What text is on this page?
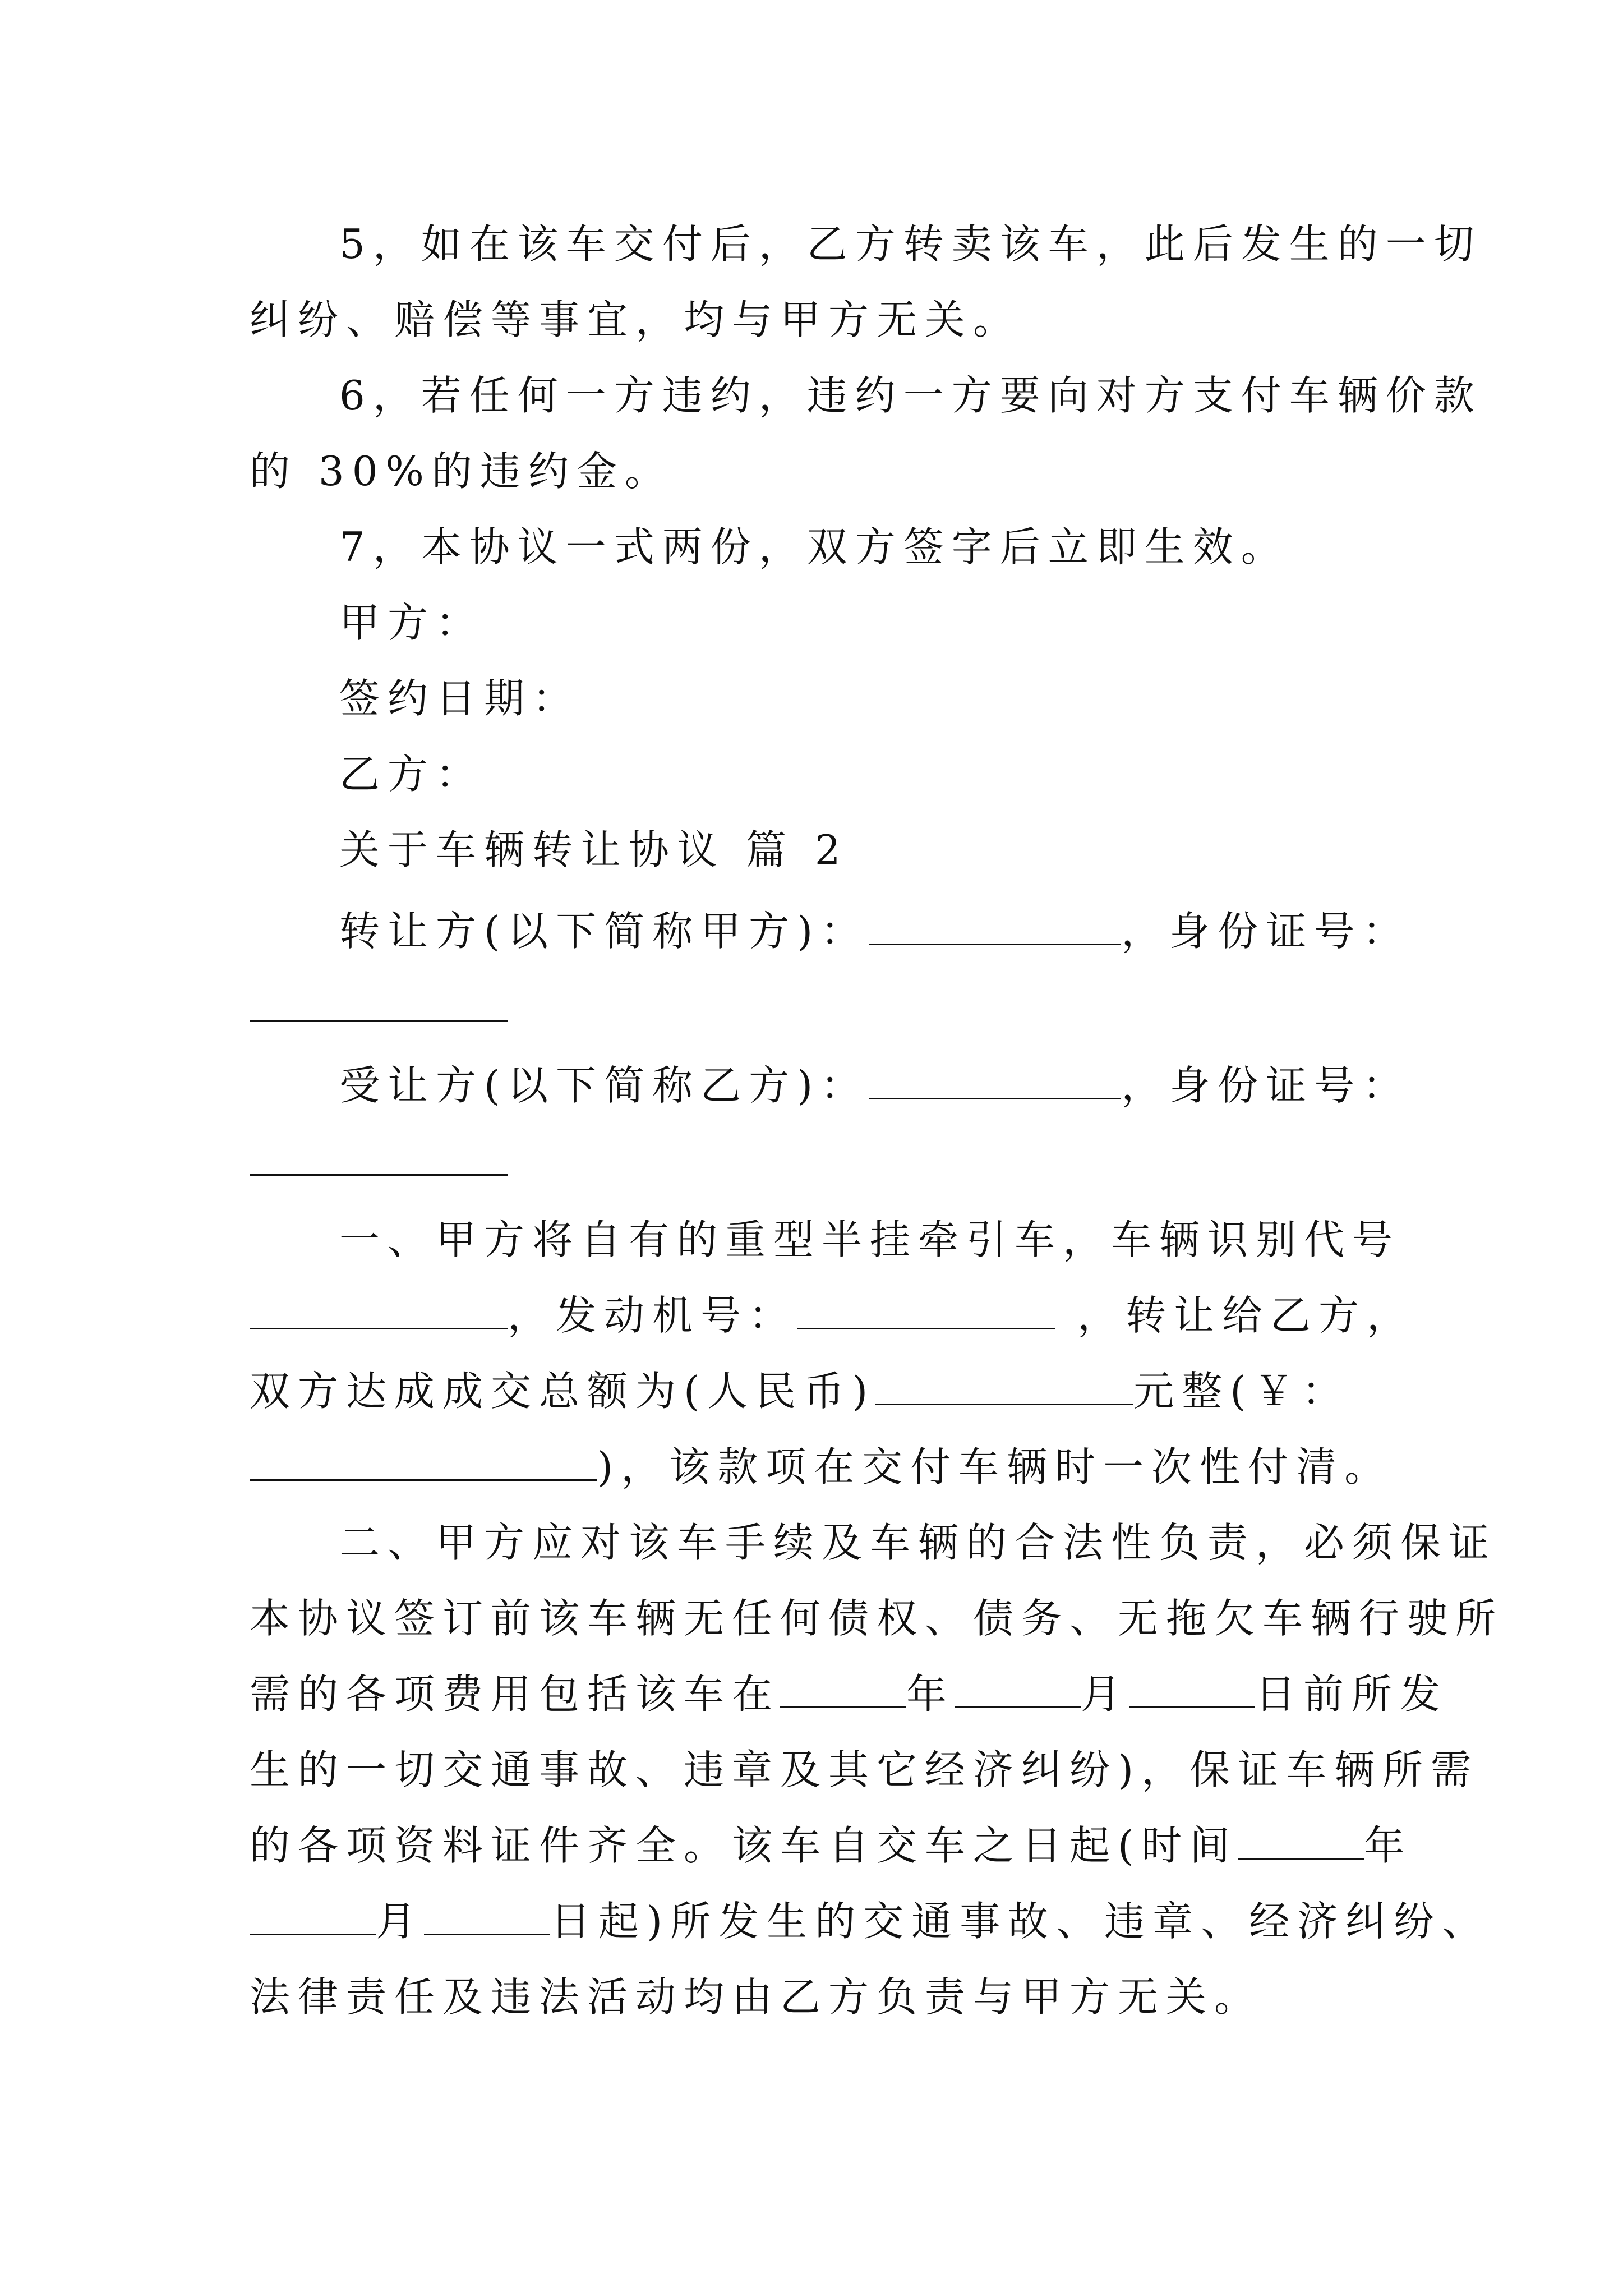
5，如在该车交付后，乙方转卖该车，此后发生的一切
纠纷、赔偿等事宜，均与甲方无关。
6，若任何一方违约，违约一方要向对方支付车辆价款
的 30%的违约金。
7，本协议一式两份，双方签字后立即生效。
甲方：
签约日期：
乙方：
关于车辆转让协议 篇 2
转让方(以下简称甲方)：	，身份证号：
受让方(以下简称乙方)：	，身份证号：
一、甲方将自有的重型半挂牵引车，车辆识别代号
，发动机号：	，转让给乙方，
双方达成成交总额为(人民币)	元整(￥：
)，该款项在交付车辆时一次性付清。
二、甲方应对该车手续及车辆的合法性负责，必须保证
本协议签订前该车辆无任何债权、债务、无拖欠车辆行驶所
需的各项费用包括该车在	年	月	日前所发
生的一切交通事故、违章及其它经济纠纷)，保证车辆所需
的各项资料证件齐全。该车自交车之日起(时间	年
月	日起)所发生的交通事故、违章、经济纠纷、
法律责任及违法活动均由乙方负责与甲方无关。
